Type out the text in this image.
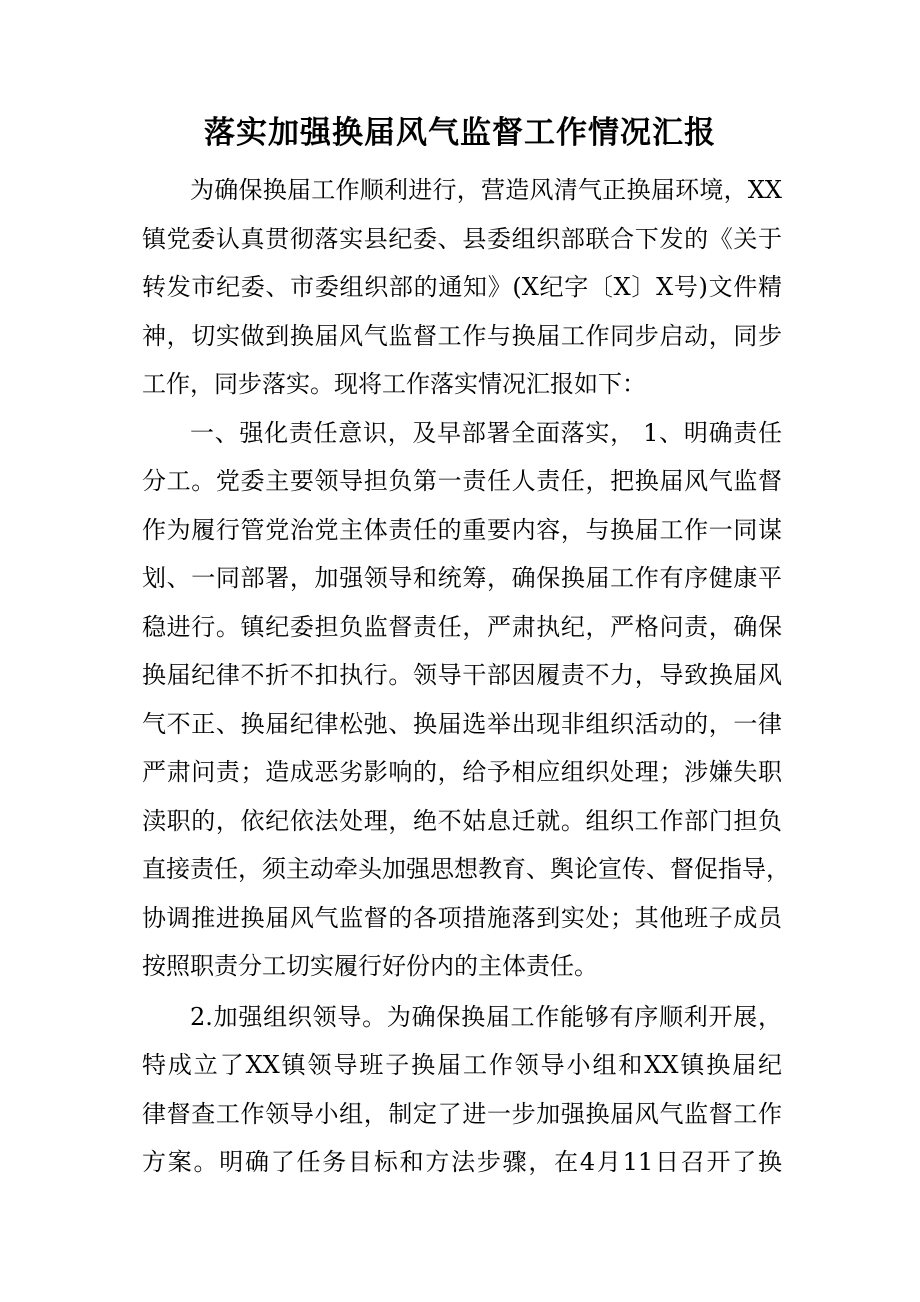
落实加强换届风气监督工作情况汇报
为确保换届工作顺利进行，营造风清气正换届环境，XX
镇党委认真贯彻落实县纪委、县委组织部联合下发的《关于
转发市纪委、市委组织部的通知》(X纪字〔X〕X号)文件精
神，切实做到换届风气监督工作与换届工作同步启动，同步
工作，同步落实。现将工作落实情况汇报如下：
一、强化责任意识，及早部署全面落实， 1、明确责任
分工。党委主要领导担负第一责任人责任，把换届风气监督
作为履行管党治党主体责任的重要内容，与换届工作一同谋
划、一同部署，加强领导和统筹，确保换届工作有序健康平
稳进行。镇纪委担负监督责任，严肃执纪，严格问责，确保
换届纪律不折不扣执行。领导干部因履责不力，导致换届风
气不正、换届纪律松弛、换届选举出现非组织活动的，一律
严肃问责；造成恶劣影响的，给予相应组织处理；涉嫌失职
渎职的，依纪依法处理，绝不姑息迁就。组织工作部门担负
直接责任，须主动牵头加强思想教育、舆论宣传、督促指导，
协调推进换届风气监督的各项措施落到实处；其他班子成员
按照职责分工切实履行好份内的主体责任。
2.加强组织领导。为确保换届工作能够有序顺利开展，
特成立了XX镇领导班子换届工作领导小组和XX镇换届纪
律督查工作领导小组，制定了进一步加强换届风气监督工作
方案。明确了任务目标和方法步骤，在4月11日召开了换
